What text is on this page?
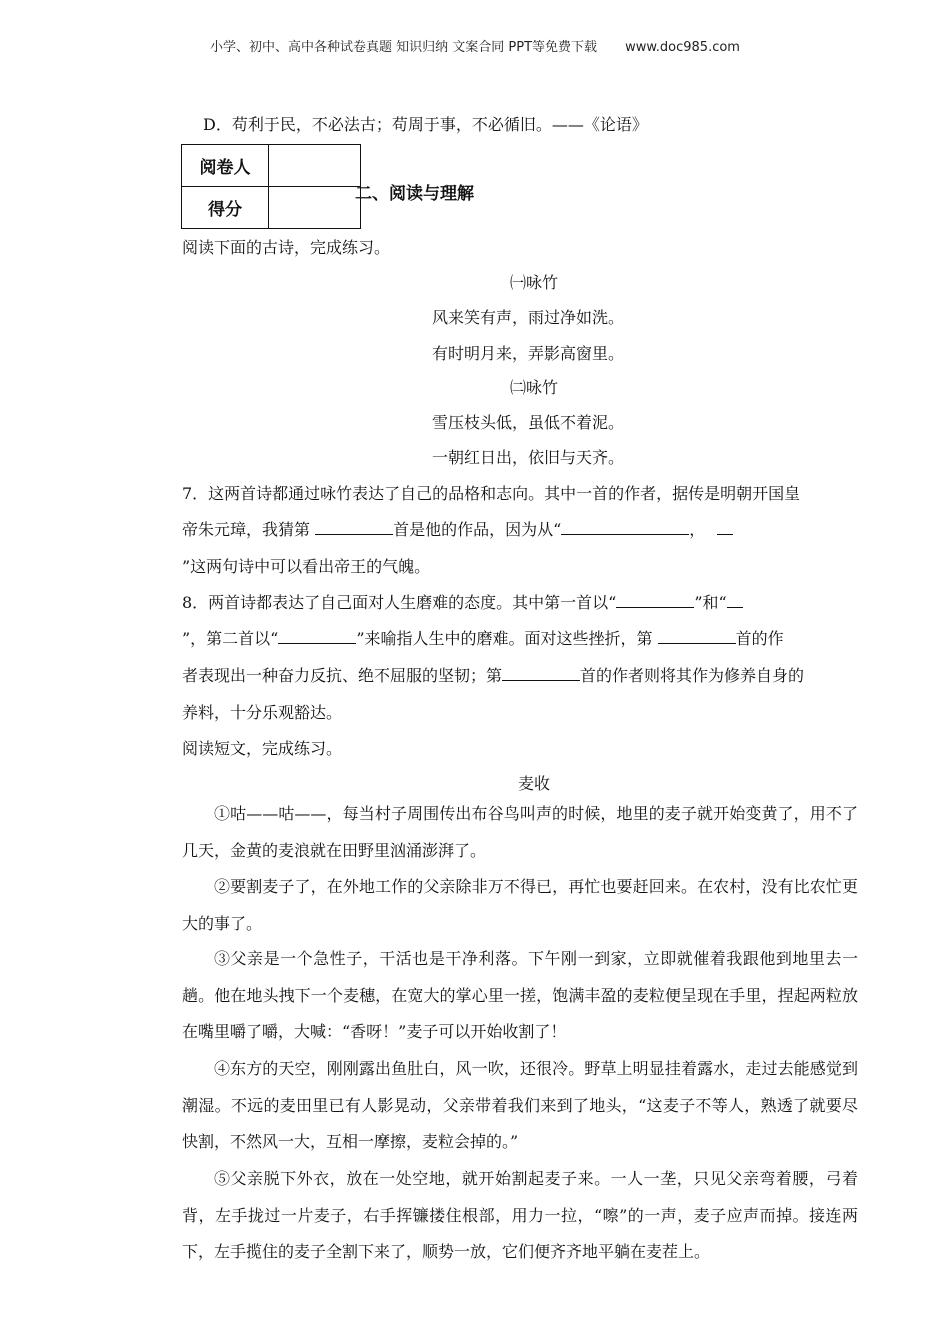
小学、初中、高中各种试卷真题 知识归纳 文案合同 PPT等免费下载 www.doc985.com
D．苟利于民，不必法古；苟周于事，不必循旧。——《论语》
阅卷人	
得分	
二、阅读与理解
阅读下面的古诗，完成练习。
㈠咏竹
风来笑有声，雨过净如洗。
有时明月来，弄影高窗里。
㈡咏竹
雪压枝头低，虽低不着泥。
一朝红日出，依旧与天齐。
7．这两首诗都通过咏竹表达了自己的品格和志向。其中一首的作者，据传是明朝开国皇
帝朱元璋，我猜第	首是他的作品，因为从“	，
”这两句诗中可以看出帝王的气魄。
8．两首诗都表达了自己面对人生磨难的态度。其中第一首以“	”和“
”，第二首以“	”来喻指人生中的磨难。面对这些挫折，第	首的作
者表现出一种奋力反抗、绝不屈服的坚韧；第	首的作者则将其作为修养自身的
养料，十分乐观豁达。
阅读短文，完成练习。
麦收
①咕——咕——，每当村子周围传出布谷鸟叫声的时候，地里的麦子就开始变黄了，用不了几天，金黄的麦浪就在田野里汹涌澎湃了。
②要割麦子了，在外地工作的父亲除非万不得已，再忙也要赶回来。在农村，没有比农忙更大的事了。
③父亲是一个急性子，干活也是干净利落。下午刚一到家，立即就催着我跟他到地里去一趟。他在地头拽下一个麦穗，在宽大的掌心里一搓，饱满丰盈的麦粒便呈现在手里，捏起两粒放在嘴里嚼了嚼，大喊：“香呀！”麦子可以开始收割了！
④东方的天空，刚刚露出鱼肚白，风一吹，还很冷。野草上明显挂着露水，走过去能感觉到潮湿。不远的麦田里已有人影晃动，父亲带着我们来到了地头，“这麦子不等人，熟透了就要尽快割，不然风一大，互相一摩擦，麦粒会掉的。”
⑤父亲脱下外衣，放在一处空地，就开始割起麦子来。一人一垄，只见父亲弯着腰，弓着背，左手拢过一片麦子，右手挥镰搂住根部，用力一拉，“嚓”的一声，麦子应声而掉。接连两下，左手揽住的麦子全割下来了，顺势一放，它们便齐齐地平躺在麦茬上。
